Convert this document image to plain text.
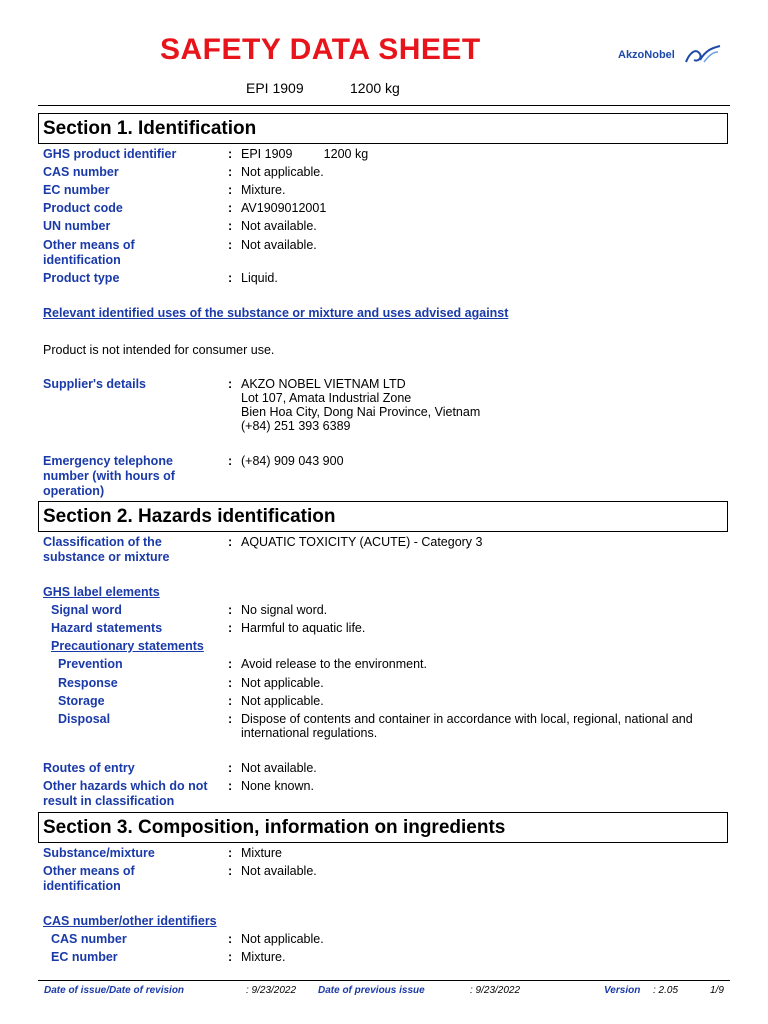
SAFETY DATA SHEET
EPI 1909	1200 kg
AkzoNobel
Section 1. Identification
GHS product identifier	: EPI 1909         1200 kg
CAS number	: Not applicable.
EC number	: Mixture.
Product code	: AV1909012001
UN number	: Not available.
Other means of identification
: Not available.
Product type	: Liquid.
Relevant identified uses of the substance or mixture and uses advised against
Product is not intended for consumer use.
Supplier's details	: AKZO NOBEL VIETNAM LTD
Lot 107, Amata Industrial Zone
Bien Hoa City, Dong Nai Province, Vietnam
(+84) 251 393 6389
Emergency telephone number (with hours of operation)
: (+84) 909 043 900
Section 2. Hazards identification
Classification of the substance or mixture
: AQUATIC TOXICITY (ACUTE) - Category 3
GHS label elements
Signal word	: No signal word.
Hazard statements	: Harmful to aquatic life.
Precautionary statements
Prevention	: Avoid release to the environment.
Response	: Not applicable.
Storage	: Not applicable.
Disposal	: Dispose of contents and container in accordance with local, regional, national and international regulations.
Routes of entry	: Not available.
Other hazards which do not result in classification
: None known.
Section 3. Composition, information on ingredients
Substance/mixture	: Mixture
Other means of identification
: Not available.
CAS number/other identifiers
CAS number	: Not applicable.
EC number	: Mixture.
Date of issue/Date of revision	: 9/23/2022 Date of previous issue	: 9/23/2022	Version : 2.05	1/9
